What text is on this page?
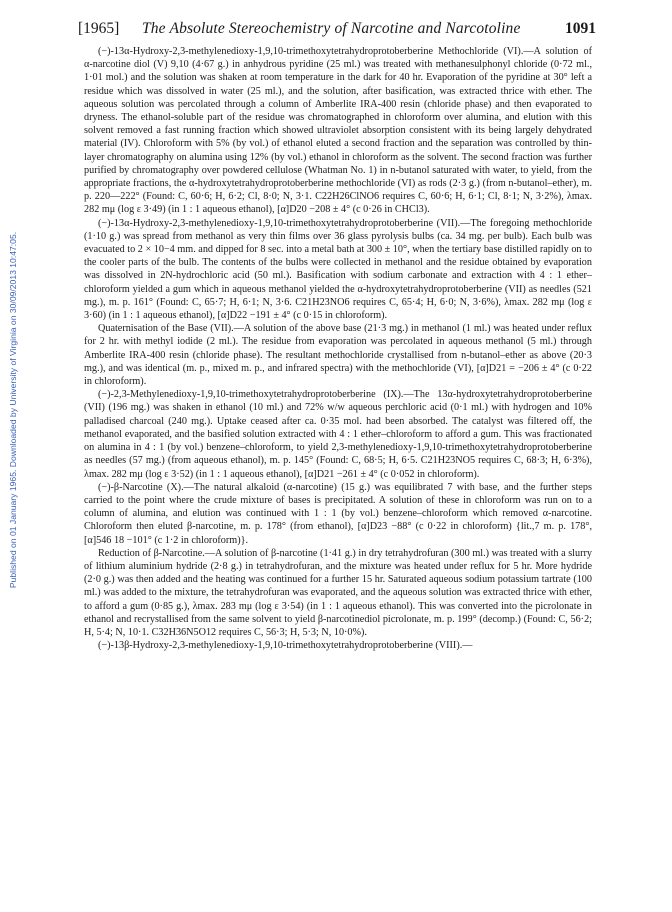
Published on 01 January 1965. Downloaded by University of Virginia on 30/09/2013 10:47:05.
[1965] The Absolute Stereochemistry of Narcotine and Narcotoline	1091

(−)-13α-Hydroxy-2,3-methylenedioxy-1,9,10-trimethoxytetrahydroprotoberberine Methochloride (VI).—A solution of α-narcotine diol (V) 9,10 (4·67 g.) in anhydrous pyridine (25 ml.) was treated with methanesulphonyl chloride (0·72 ml., 1·01 mol.) and the solution was shaken at room temperature in the dark for 40 hr. Evaporation of the pyridine at 30° left a residue which was dissolved in water (25 ml.), and the solution, after basification, was extracted thrice with ether. The aqueous solution was percolated through a column of Amberlite IRA-400 resin (chloride phase) and then evaporated to dryness. The ethanol-soluble part of the residue was chromatographed in chloroform over alumina, and elution with this solvent removed a fast running fraction which showed ultraviolet absorption consistent with its being largely dehydrated material (IV). Chloroform with 5% (by vol.) of ethanol eluted a second fraction and the separation was controlled by thin-layer chromatography on alumina using 12% (by vol.) ethanol in chloroform as the solvent. The second fraction was further purified by chromatography over powdered cellulose (Whatman No. 1) in n-butanol saturated with water, to yield, from the appropriate fractions, the α-hydroxytetrahydroprotoberberine methochloride (VI) as rods (2·3 g.) (from n-butanol–ether), m. p. 220—222° (Found: C, 60·6; H, 6·2; Cl, 8·0; N, 3·1. C22H26ClNO6 requires C, 60·6; H, 6·1; Cl, 8·1; N, 3·2%), λmax. 282 mμ (log ε 3·49) (in 1 : 1 aqueous ethanol), [α]D20 −208 ± 4° (c 0·26 in CHCl3).

(−)-13α-Hydroxy-2,3-methylenedioxy-1,9,10-trimethoxytetrahydroprotoberberine (VII).—The foregoing methochloride (1·10 g.) was spread from methanol as very thin films over 36 glass pyrolysis bulbs (ca. 34 mg. per bulb). Each bulb was evacuated to 2 × 10−4 mm. and dipped for 8 sec. into a metal bath at 300 ± 10°, when the tertiary base distilled rapidly on to the cooler parts of the bulb. The contents of the bulbs were collected in methanol and the residue obtained by evaporation was dissolved in 2N-hydrochloric acid (50 ml.). Basification with sodium carbonate and extraction with 4 : 1 ether–chloroform yielded a gum which in aqueous methanol yielded the α-hydroxytetrahydroprotoberberine (VII) as needles (521 mg.), m. p. 161° (Found: C, 65·7; H, 6·1; N, 3·6. C21H23NO6 requires C, 65·4; H, 6·0; N, 3·6%), λmax. 282 mμ (log ε 3·60) (in 1 : 1 aqueous ethanol), [α]D22 −191 ± 4° (c 0·15 in chloroform).

Quaternisation of the Base (VII).—A solution of the above base (21·3 mg.) in methanol (1 ml.) was heated under reflux for 2 hr. with methyl iodide (2 ml.). The residue from evaporation was percolated in aqueous methanol (5 ml.) through Amberlite IRA-400 resin (chloride phase). The resultant methochloride crystallised from n-butanol–ether as above (20·3 mg.), and was identical (m. p., mixed m. p., and infrared spectra) with the methochloride (VI), [α]D21 = −206 ± 4° (c 0·22 in chloroform).

(−)-2,3-Methylenedioxy-1,9,10-trimethoxytetrahydroprotoberberine (IX).—The 13α-hydroxytetrahydroprotoberberine (VII) (196 mg.) was shaken in ethanol (10 ml.) and 72% w/w aqueous perchloric acid (0·1 ml.) with hydrogen and 10% palladised charcoal (240 mg.). Uptake ceased after ca. 0·35 mol. had been absorbed. The catalyst was filtered off, the methanol evaporated, and the basified solution extracted with 4 : 1 ether–chloroform to afford a gum. This was fractionated on alumina in 4 : 1 (by vol.) benzene–chloroform, to yield 2,3-methylenedioxy-1,9,10-trimethoxytetrahydroprotoberberine as needles (57 mg.) (from aqueous ethanol), m. p. 145° (Found: C, 68·5; H, 6·5. C21H23NO5 requires C, 68·3; H, 6·3%), λmax. 282 mμ (log ε 3·52) (in 1 : 1 aqueous ethanol), [α]D21 −261 ± 4° (c 0·052 in chloroform).

(−)-β-Narcotine (X).—The natural alkaloid (α-narcotine) (15 g.) was equilibrated 7 with base, and the further steps carried to the point where the crude mixture of bases is precipitated. A solution of these in chloroform was run on to a column of alumina, and elution was continued with 1 : 1 (by vol.) benzene–chloroform which removed α-narcotine. Chloroform then eluted β-narcotine, m. p. 178° (from ethanol), [α]D23 −88° (c 0·22 in chloroform) {lit.,7 m. p. 178°, [α]546 18 −101° (c 1·2 in chloroform)}.

Reduction of β-Narcotine.—A solution of β-narcotine (1·41 g.) in dry tetrahydrofuran (300 ml.) was treated with a slurry of lithium aluminium hydride (2·8 g.) in tetrahydrofuran, and the mixture was heated under reflux for 5 hr. More hydride (2·0 g.) was then added and the heating was continued for a further 15 hr. Saturated aqueous sodium potassium tartrate (100 ml.) was added to the mixture, the tetrahydrofuran was evaporated, and the aqueous solution was extracted thrice with ether, to afford a gum (0·85 g.), λmax. 283 mμ (log ε 3·54) (in 1 : 1 aqueous ethanol). This was converted into the picrolonate in ethanol and recrystallised from the same solvent to yield β-narcotinediol picrolonate, m. p. 199° (decomp.) (Found: C, 56·2; H, 5·4; N, 10·1. C32H36N5O12 requires C, 56·3; H, 5·3; N, 10·0%).

(−)-13β-Hydroxy-2,3-methylenedioxy-1,9,10-trimethoxytetrahydroprotoberberine (VIII).—
